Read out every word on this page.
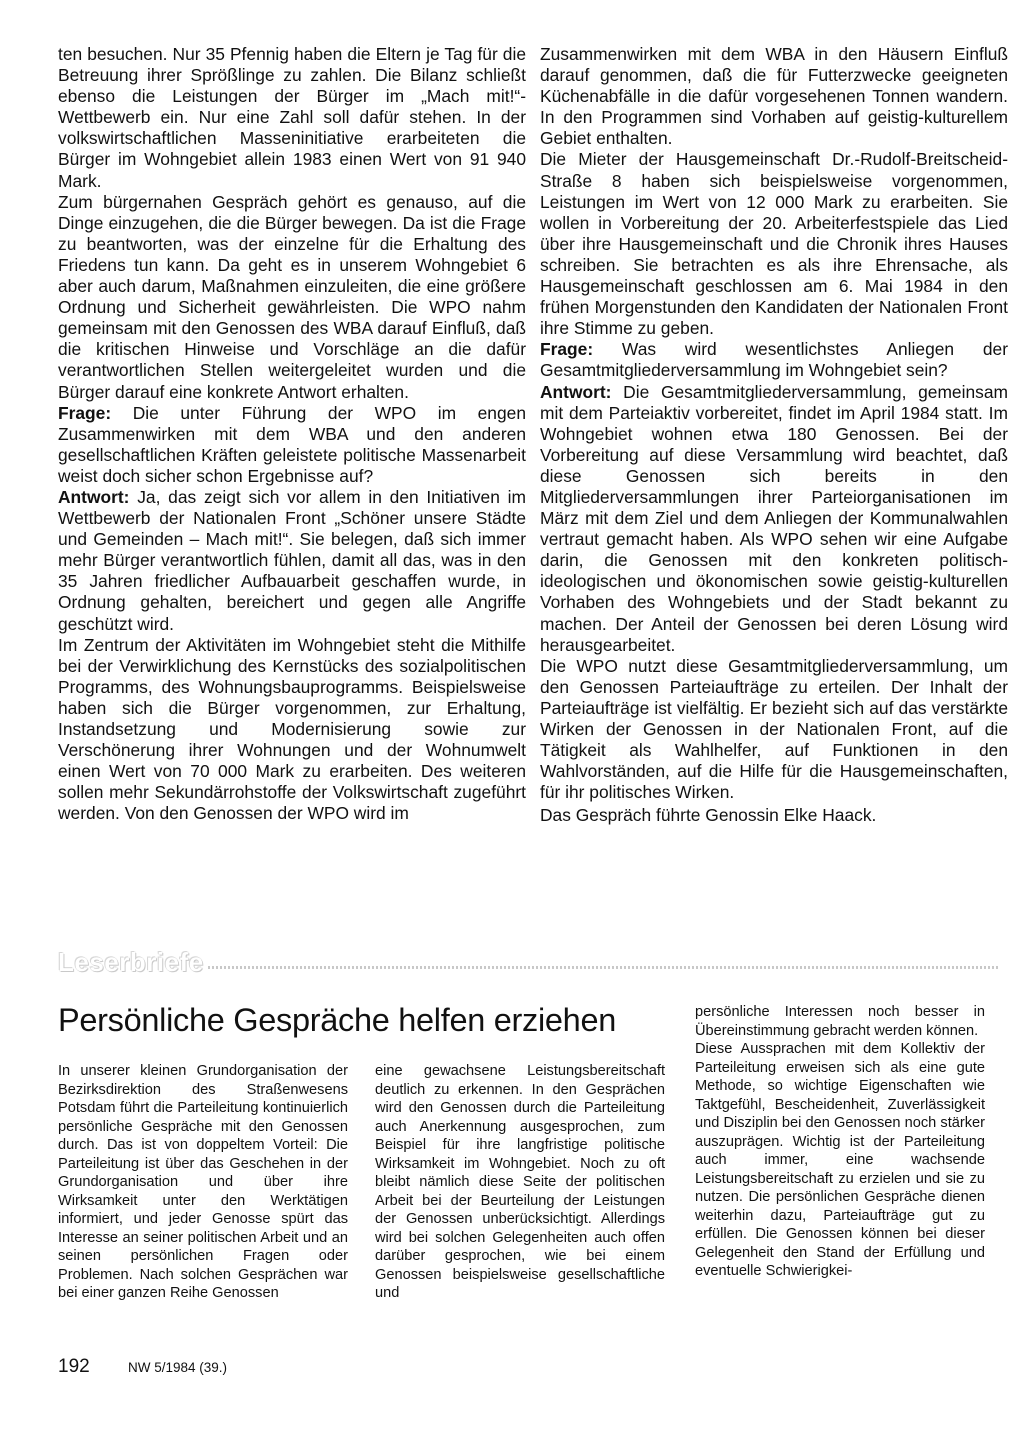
ten besuchen. Nur 35 Pfennig haben die Eltern je Tag für die Betreuung ihrer Sprößlinge zu zahlen. Die Bilanz schließt ebenso die Leistungen der Bürger im „Mach mit!“-Wettbewerb ein. Nur eine Zahl soll dafür stehen. In der volkswirtschaftlichen Masseninitiative erarbeiteten die Bürger im Wohngebiet allein 1983 einen Wert von 91 940 Mark.

Zum bürgernahen Gespräch gehört es genauso, auf die Dinge einzugehen, die die Bürger bewegen. Da ist die Frage zu beantworten, was der einzelne für die Erhaltung des Friedens tun kann. Da geht es in unserem Wohngebiet 6 aber auch darum, Maßnahmen einzuleiten, die eine größere Ordnung und Sicherheit gewährleisten. Die WPO nahm gemeinsam mit den Genossen des WBA darauf Einfluß, daß die kritischen Hinweise und Vorschläge an die dafür verantwortlichen Stellen weitergeleitet wurden und die Bürger darauf eine konkrete Antwort erhalten.

Frage: Die unter Führung der WPO im engen Zusammenwirken mit dem WBA und den anderen gesellschaftlichen Kräften geleistete politische Massenarbeit weist doch sicher schon Ergebnisse auf?

Antwort: Ja, das zeigt sich vor allem in den Initiativen im Wettbewerb der Nationalen Front „Schöner unsere Städte und Gemeinden – Mach mit!“. Sie belegen, daß sich immer mehr Bürger verantwortlich fühlen, damit all das, was in den 35 Jahren friedlicher Aufbauarbeit geschaffen wurde, in Ordnung gehalten, bereichert und gegen alle Angriffe geschützt wird.

Im Zentrum der Aktivitäten im Wohngebiet steht die Mithilfe bei der Verwirklichung des Kernstücks des sozialpolitischen Programms, des Wohnungsbauprogramms. Beispielsweise haben sich die Bürger vorgenommen, zur Erhaltung, Instandsetzung und Modernisierung sowie zur Verschönerung ihrer Wohnungen und der Wohnumwelt einen Wert von 70 000 Mark zu erarbeiten. Des weiteren sollen mehr Sekundärrohstoffe der Volkswirtschaft zugeführt werden. Von den Genossen der WPO wird im

Zusammenwirken mit dem WBA in den Häusern Einfluß darauf genommen, daß die für Futterzwecke geeigneten Küchenabfälle in die dafür vorgesehenen Tonnen wandern. In den Programmen sind Vorhaben auf geistig-kulturellem Gebiet enthalten.

Die Mieter der Hausgemeinschaft Dr.-Rudolf-Breitscheid-Straße 8 haben sich beispielsweise vorgenommen, Leistungen im Wert von 12 000 Mark zu erarbeiten. Sie wollen in Vorbereitung der 20. Arbeiterfestspiele das Lied über ihre Hausgemeinschaft und die Chronik ihres Hauses schreiben. Sie betrachten es als ihre Ehrensache, als Hausgemeinschaft geschlossen am 6. Mai 1984 in den frühen Morgenstunden den Kandidaten der Nationalen Front ihre Stimme zu geben.

Frage: Was wird wesentlichstes Anliegen der Gesamtmitgliederversammlung im Wohngebiet sein?

Antwort: Die Gesamtmitgliederversammlung, gemeinsam mit dem Parteiaktiv vorbereitet, findet im April 1984 statt. Im Wohngebiet wohnen etwa 180 Genossen. Bei der Vorbereitung auf diese Versammlung wird beachtet, daß diese Genossen sich bereits in den Mitgliederversammlungen ihrer Parteiorganisationen im März mit dem Ziel und dem Anliegen der Kommunalwahlen vertraut gemacht haben. Als WPO sehen wir eine Aufgabe darin, die Genossen mit den konkreten politisch-ideologischen und ökonomischen sowie geistig-kulturellen Vorhaben des Wohngebiets und der Stadt bekannt zu machen. Der Anteil der Genossen bei deren Lösung wird herausgearbeitet.

Die WPO nutzt diese Gesamtmitgliederversammlung, um den Genossen Parteiaufträge zu erteilen. Der Inhalt der Parteiaufträge ist vielfältig. Er bezieht sich auf das verstärkte Wirken der Genossen in der Nationalen Front, auf die Tätigkeit als Wahlhelfer, auf Funktionen in den Wahlvorständen, auf die Hilfe für die Hausgemeinschaften, für ihr politisches Wirken.

Das Gespräch führte Genossin Elke Haack.

Leserbriefe
Persönliche Gespräche helfen erziehen

In unserer kleinen Grundorganisation der Bezirksdirektion des Straßenwesens Potsdam führt die Parteileitung kontinuierlich persönliche Gespräche mit den Genossen durch. Das ist von doppeltem Vorteil: Die Parteileitung ist über das Geschehen in der Grundorganisation und über ihre Wirksamkeit unter den Werktätigen informiert, und jeder Genosse spürt das Interesse an seiner politischen Arbeit und an seinen persönlichen Fragen oder Problemen. Nach solchen Gesprächen war bei einer ganzen Reihe Genossen

eine gewachsene Leistungsbereitschaft deutlich zu erkennen. In den Gesprächen wird den Genossen durch die Parteileitung auch Anerkennung ausgesprochen, zum Beispiel für ihre langfristige politische Wirksamkeit im Wohngebiet. Noch zu oft bleibt nämlich diese Seite der politischen Arbeit bei der Beurteilung der Leistungen der Genossen unberücksichtigt. Allerdings wird bei solchen Gelegenheiten auch offen darüber gesprochen, wie bei einem Genossen beispielsweise gesellschaftliche und

persönliche Interessen noch besser in Übereinstimmung gebracht werden können.

Diese Aussprachen mit dem Kollektiv der Parteileitung erweisen sich als eine gute Methode, so wichtige Eigenschaften wie Taktgefühl, Bescheidenheit, Zuverlässigkeit und Disziplin bei den Genossen noch stärker auszuprägen. Wichtig ist der Parteileitung auch immer, eine wachsende Leistungsbereitschaft zu erzielen und sie zu nutzen. Die persönlichen Gespräche dienen weiterhin dazu, Parteiaufträge gut zu erfüllen. Die Genossen können bei dieser Gelegenheit den Stand der Erfüllung und eventuelle Schwierigkei-

192	NW 5/1984 (39.)
